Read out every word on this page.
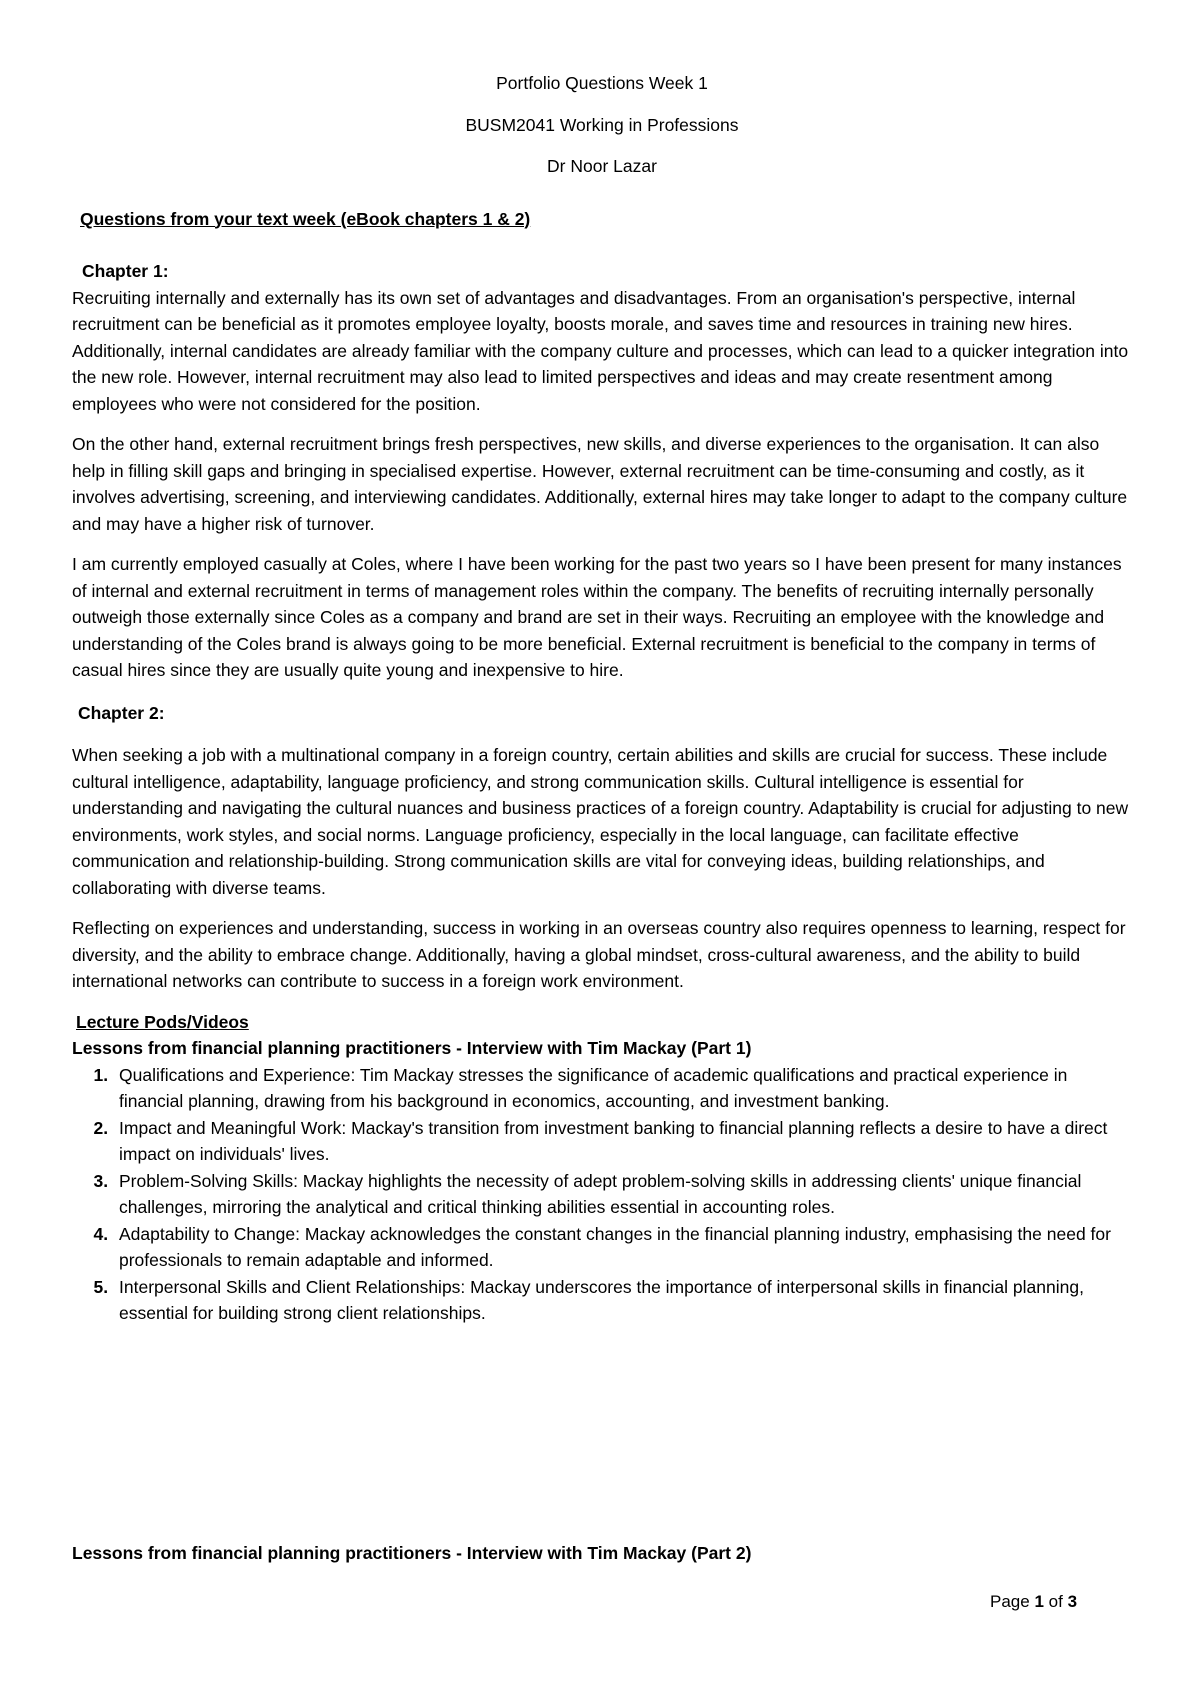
Portfolio Questions Week 1

BUSM2041 Working in Professions

Dr Noor Lazar

Questions from your text week (eBook chapters 1 & 2)
Chapter 1:

Recruiting internally and externally has its own set of advantages and disadvantages. From an organisation's perspective, internal recruitment can be beneficial as it promotes employee loyalty, boosts morale, and saves time and resources in training new hires. Additionally, internal candidates are already familiar with the company culture and processes, which can lead to a quicker integration into the new role. However, internal recruitment may also lead to limited perspectives and ideas and may create resentment among employees who were not considered for the position.

On the other hand, external recruitment brings fresh perspectives, new skills, and diverse experiences to the organisation. It can also help in filling skill gaps and bringing in specialised expertise. However, external recruitment can be time-consuming and costly, as it involves advertising, screening, and interviewing candidates. Additionally, external hires may take longer to adapt to the company culture and may have a higher risk of turnover.

I am currently employed casually at Coles, where I have been working for the past two years so I have been present for many instances of internal and external recruitment in terms of management roles within the company. The benefits of recruiting internally personally outweigh those externally since Coles as a company and brand are set in their ways. Recruiting an employee with the knowledge and understanding of the Coles brand is always going to be more beneficial. External recruitment is beneficial to the company in terms of casual hires since they are usually quite young and inexpensive to hire.

Chapter 2:

When seeking a job with a multinational company in a foreign country, certain abilities and skills are crucial for success. These include cultural intelligence, adaptability, language proficiency, and strong communication skills. Cultural intelligence is essential for understanding and navigating the cultural nuances and business practices of a foreign country. Adaptability is crucial for adjusting to new environments, work styles, and social norms. Language proficiency, especially in the local language, can facilitate effective communication and relationship-building. Strong communication skills are vital for conveying ideas, building relationships, and collaborating with diverse teams.

Reflecting on experiences and understanding, success in working in an overseas country also requires openness to learning, respect for diversity, and the ability to embrace change. Additionally, having a global mindset, cross-cultural awareness, and the ability to build international networks can contribute to success in a foreign work environment.

Lecture Pods/Videos
Lessons from financial planning practitioners - Interview with Tim Mackay (Part 1)
1. Qualifications and Experience: Tim Mackay stresses the significance of academic qualifications and practical experience in financial planning, drawing from his background in economics, accounting, and investment banking.
2. Impact and Meaningful Work: Mackay's transition from investment banking to financial planning reflects a desire to have a direct impact on individuals' lives.
3. Problem-Solving Skills: Mackay highlights the necessity of adept problem-solving skills in addressing clients' unique financial challenges, mirroring the analytical and critical thinking abilities essential in accounting roles.
4. Adaptability to Change: Mackay acknowledges the constant changes in the financial planning industry, emphasising the need for professionals to remain adaptable and informed.
5. Interpersonal Skills and Client Relationships: Mackay underscores the importance of interpersonal skills in financial planning, essential for building strong client relationships.
Lessons from financial planning practitioners - Interview with Tim Mackay (Part 2)
Page 1 of 3
